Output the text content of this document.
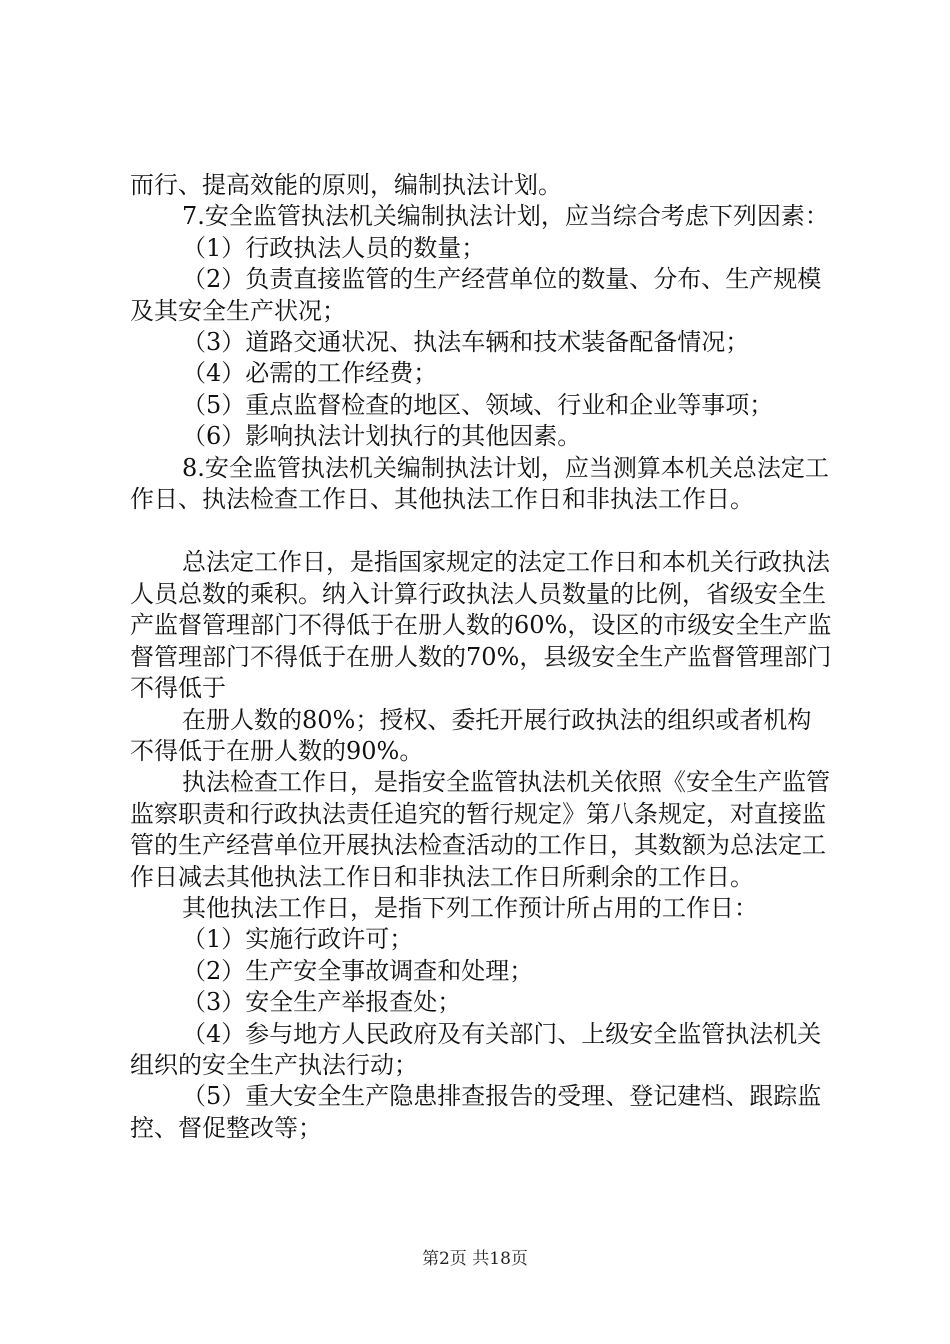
而行、提高效能的原则，编制执法计划。

7.安全监管执法机关编制执法计划，应当综合考虑下列因素：

（1）行政执法人员的数量；

（2）负责直接监管的生产经营单位的数量、分布、生产规模及其安全生产状况；

（3）道路交通状况、执法车辆和技术装备配备情况；

（4）必需的工作经费；

（5）重点监督检查的地区、领域、行业和企业等事项；

（6）影响执法计划执行的其他因素。

8.安全监管执法机关编制执法计划，应当测算本机关总法定工作日、执法检查工作日、其他执法工作日和非执法工作日。

总法定工作日，是指国家规定的法定工作日和本机关行政执法人员总数的乘积。纳入计算行政执法人员数量的比例，省级安全生产监督管理部门不得低于在册人数的60%，设区的市级安全生产监督管理部门不得低于在册人数的70%，县级安全生产监督管理部门不得低于

在册人数的80%；授权、委托开展行政执法的组织或者机构不得低于在册人数的90%。

执法检查工作日，是指安全监管执法机关依照《安全生产监管监察职责和行政执法责任追究的暂行规定》第八条规定，对直接监管的生产经营单位开展执法检查活动的工作日，其数额为总法定工作日减去其他执法工作日和非执法工作日所剩余的工作日。

其他执法工作日，是指下列工作预计所占用的工作日：

（1）实施行政许可；

（2）生产安全事故调查和处理；

（3）安全生产举报查处；

（4）参与地方人民政府及有关部门、上级安全监管执法机关组织的安全生产执法行动；

（5）重大安全生产隐患排查报告的受理、登记建档、跟踪监控、督促整改等；

第2页 共18页
